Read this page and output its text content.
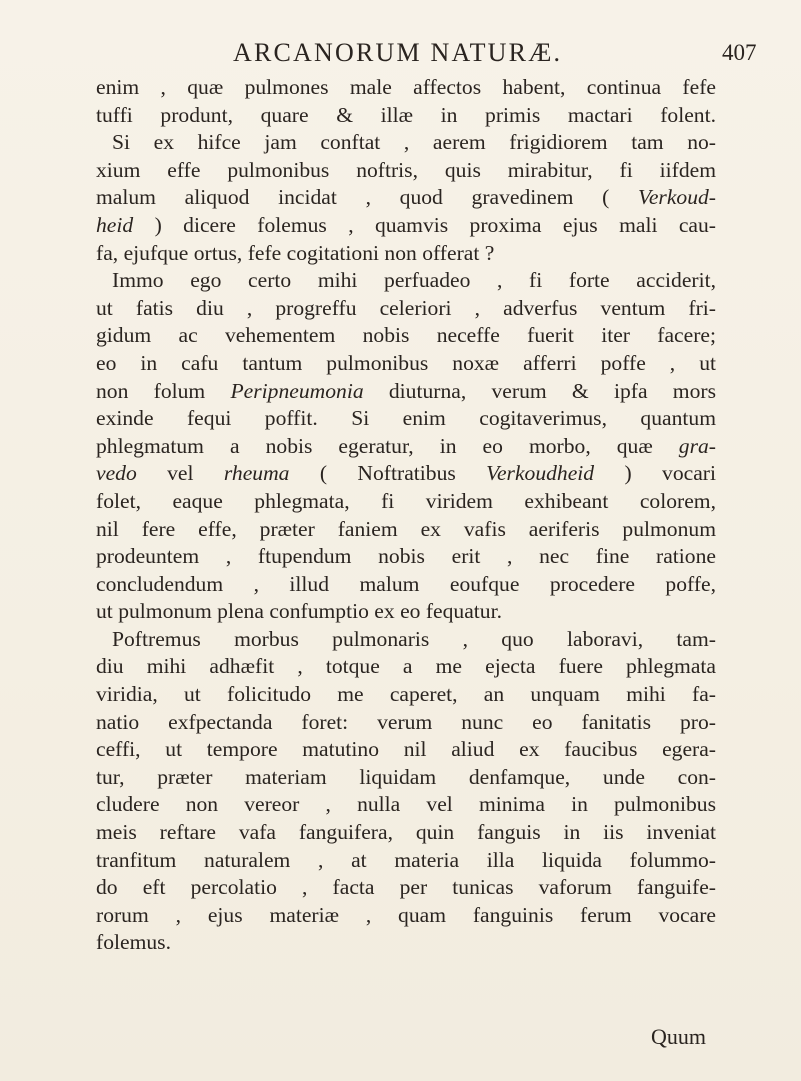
ARCANORUM NATURÆ.	407
enim , quæ pulmones male affectos habent, continua fefe
tuffi produnt, quare & illæ in primis mactari folent.
Si ex hifce jam conftat , aerem frigidiorem tam no-
xium effe pulmonibus noftris, quis mirabitur, fi iifdem
malum aliquod incidat , quod gravedinem ( Verkoud-
heid ) dicere folemus , quamvis proxima ejus mali cau-
fa, ejufque ortus, fefe cogitationi non offerat ?
Immo ego certo mihi perfuadeo , fi forte acciderit,
ut fatis diu , progreffu celeriori , adverfus ventum fri-
gidum ac vehementem nobis neceffe fuerit iter facere;
eo in cafu tantum pulmonibus noxæ afferri poffe , ut
non folum Peripneumonia diuturna, verum & ipfa mors
exinde fequi poffit. Si enim cogitaverimus, quantum
phlegmatum a nobis egeratur, in eo morbo, quæ gra-
vedo vel rheuma ( Noftratibus Verkoudheid ) vocari
folet, eaque phlegmata, fi viridem exhibeant colorem,
nil fere effe, præter faniem ex vafis aeriferis pulmonum
prodeuntem , ftupendum nobis erit , nec fine ratione
concludendum , illud malum eoufque procedere poffe,
ut pulmonum plena confumptio ex eo fequatur.
Poftremus morbus pulmonaris , quo laboravi, tam-
diu mihi adhæfit , totque a me ejecta fuere phlegmata
viridia, ut folicitudo me caperet, an unquam mihi fa-
natio exfpectanda foret: verum nunc eo fanitatis pro-
ceffi, ut tempore matutino nil aliud ex faucibus egera-
tur, præter materiam liquidam denfamque, unde con-
cludere non vereor , nulla vel minima in pulmonibus
meis reftare vafa fanguifera, quin fanguis in iis inveniat
tranfitum naturalem , at materia illa liquida folummo-
do eft percolatio , facta per tunicas vaforum fanguife-
rorum , ejus materiæ , quam fanguinis ferum vocare
folemus.
Quum
